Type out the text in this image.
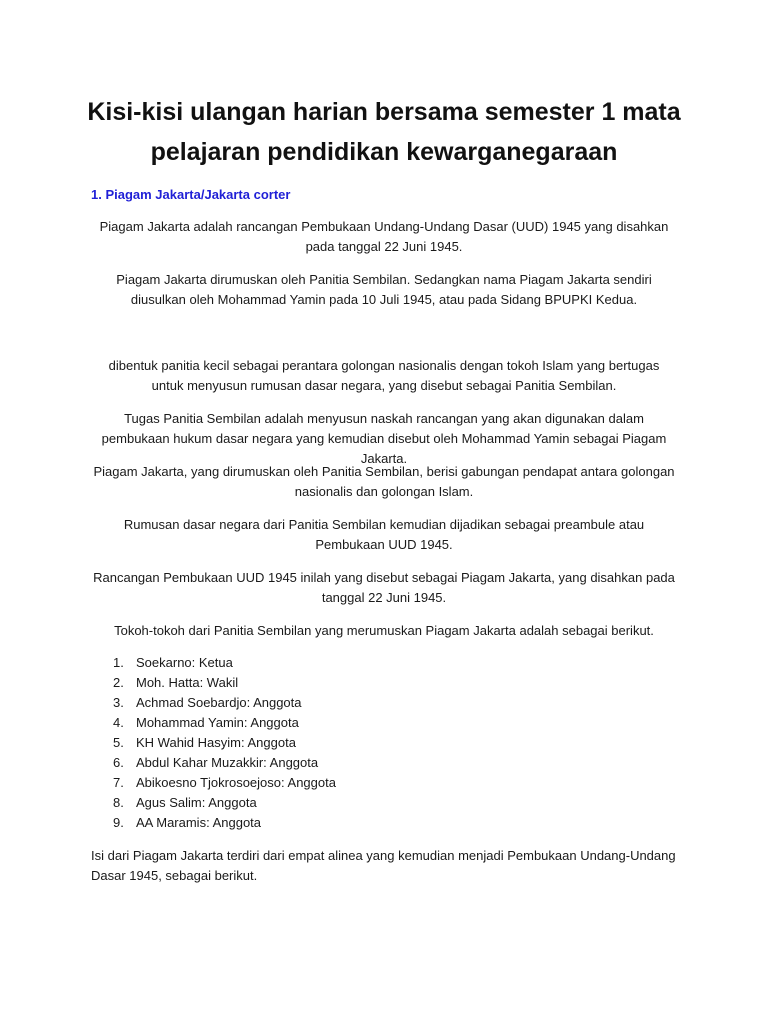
Kisi-kisi ulangan harian bersama semester 1 mata pelajaran pendidikan kewarganegaraan

1. Piagam Jakarta/Jakarta corter

Piagam Jakarta adalah rancangan Pembukaan Undang-Undang Dasar (UUD) 1945 yang disahkan pada tanggal 22 Juni 1945.

Piagam Jakarta dirumuskan oleh Panitia Sembilan. Sedangkan nama Piagam Jakarta sendiri diusulkan oleh Mohammad Yamin pada 10 Juli 1945, atau pada Sidang BPUPKI Kedua.

dibentuk panitia kecil sebagai perantara golongan nasionalis dengan tokoh Islam yang bertugas untuk menyusun rumusan dasar negara, yang disebut sebagai Panitia Sembilan.

Tugas Panitia Sembilan adalah menyusun naskah rancangan yang akan digunakan dalam pembukaan hukum dasar negara yang kemudian disebut oleh Mohammad Yamin sebagai Piagam Jakarta.

Piagam Jakarta, yang dirumuskan oleh Panitia Sembilan, berisi gabungan pendapat antara golongan nasionalis dan golongan Islam.

Rumusan dasar negara dari Panitia Sembilan kemudian dijadikan sebagai preambule atau Pembukaan UUD 1945.

Rancangan Pembukaan UUD 1945 inilah yang disebut sebagai Piagam Jakarta, yang disahkan pada tanggal 22 Juni 1945.

Tokoh-tokoh dari Panitia Sembilan yang merumuskan Piagam Jakarta adalah sebagai berikut.

1. Soekarno: Ketua
2. Moh. Hatta: Wakil
3. Achmad Soebardjo: Anggota
4. Mohammad Yamin: Anggota
5. KH Wahid Hasyim: Anggota
6. Abdul Kahar Muzakkir: Anggota
7. Abikoesno Tjokrosoejoso: Anggota
8. Agus Salim: Anggota
9. AA Maramis: Anggota

Isi dari Piagam Jakarta terdiri dari empat alinea yang kemudian menjadi Pembukaan Undang-Undang Dasar 1945, sebagai berikut.
